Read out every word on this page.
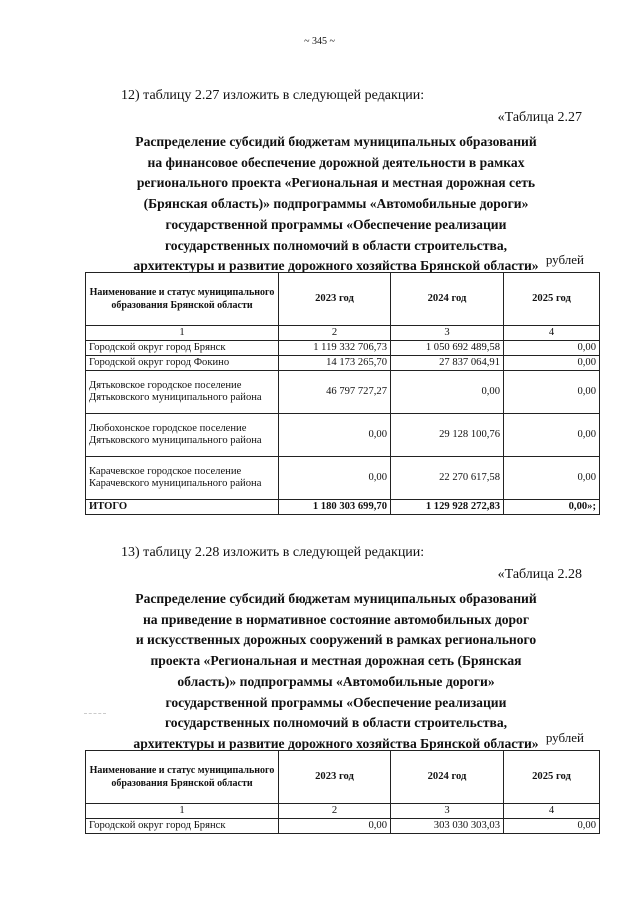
~ 345 ~
12) таблицу 2.27 изложить в следующей редакции:
«Таблица 2.27
Распределение субсидий бюджетам муниципальных образований
на финансовое обеспечение дорожной деятельности в рамках
регионального проекта «Региональная и местная дорожная сеть
(Брянская область)» подпрограммы «Автомобильные дороги»
государственной программы «Обеспечение реализации
государственных полномочий в области строительства,
архитектуры и развитие дорожного хозяйства Брянской области» рублей
Наименование и статус муниципального образования Брянской области	2023 год	2024 год	2025 год
1	2	3	4
Городской округ город Брянск	1 119 332 706,73	1 050 692 489,58	0,00
Городской округ город Фокино	14 173 265,70	27 837 064,91	0,00
Дятьковское городское поселение Дятьковского муниципального района	46 797 727,27	0,00	0,00
Любохонское городское поселение Дятьковского муниципального района	0,00	29 128 100,76	0,00
Карачевское городское поселение Карачевского муниципального района	0,00	22 270 617,58	0,00
ИТОГО	1 180 303 699,70	1 129 928 272,83	0,00»;
13) таблицу 2.28 изложить в следующей редакции:
«Таблица 2.28
Распределение субсидий бюджетам муниципальных образований
на приведение в нормативное состояние автомобильных дорог
и искусственных дорожных сооружений в рамках регионального
проекта «Региональная и местная дорожная сеть (Брянская
область)» подпрограммы «Автомобильные дороги»
государственной программы «Обеспечение реализации
государственных полномочий в области строительства,
архитектуры и развитие дорожного хозяйства Брянской области» рублей
Наименование и статус муниципального образования Брянской области	2023 год	2024 год	2025 год
1	2	3	4
Городской округ город Брянск	0,00	303 030 303,03	0,00
